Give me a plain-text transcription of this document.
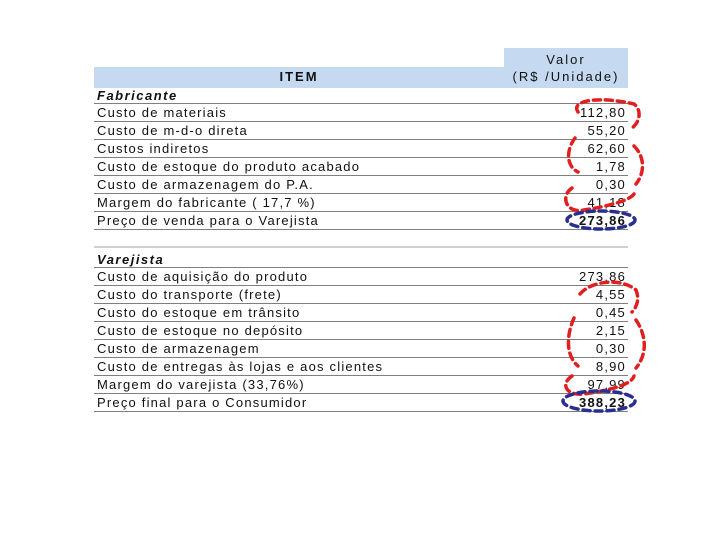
ITEM
Valor
(R$ /Unidade)
Fabricante
Custo de materiais	112,80
Custo de m-d-o direta	55,20
Custos indiretos	62,60
Custo de estoque do produto acabado	1,78
Custo de armazenagem do P.A.	0,30
Margem do fabricante ( 17,7 %)	41,18
Preço de venda para o Varejista	273,86
Varejista
Custo de aquisição do produto	273,86
Custo do transporte (frete)	4,55
Custo do estoque em trânsito	0,45
Custo de estoque no depósito	2,15
Custo de armazenagem	0,30
Custo de entregas às lojas e aos clientes	8,90
Margem do varejista (33,76%)	97,99
Preço final para o Consumidor	388,23
